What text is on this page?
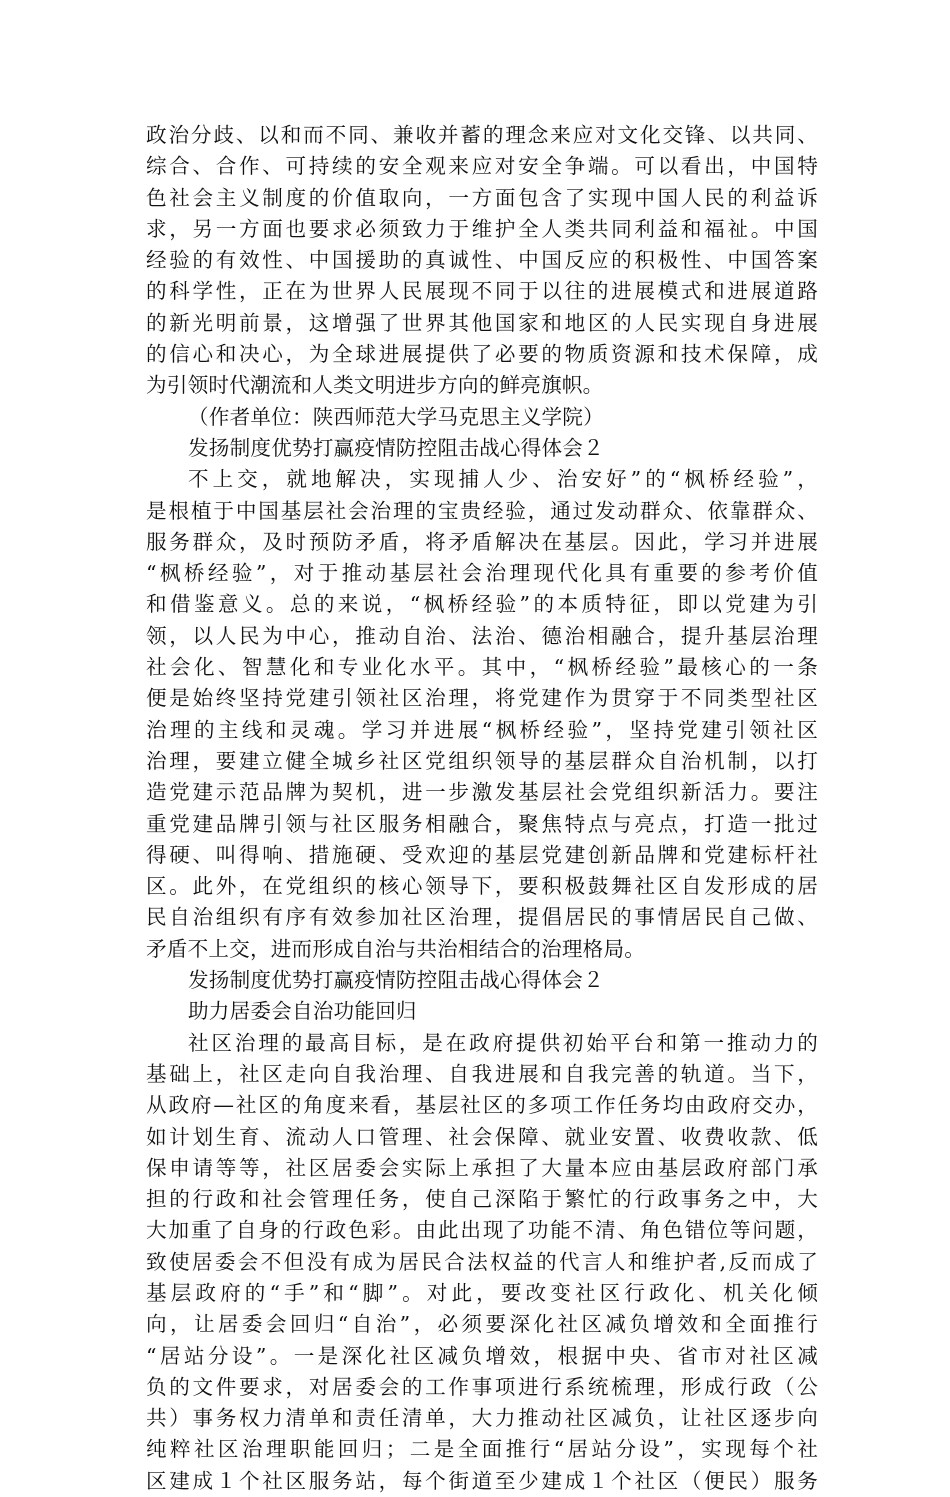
政治分歧、以和而不同、兼收并蓄的理念来应对文化交锋、以共同、
综合、合作、可持续的安全观来应对安全争端。可以看出，中国特
色社会主义制度的价值取向，一方面包含了实现中国人民的利益诉
求，另一方面也要求必须致力于维护全人类共同利益和福祉。中国
经验的有效性、中国援助的真诚性、中国反应的积极性、中国答案
的科学性，正在为世界人民展现不同于以往的进展模式和进展道路
的新光明前景，这增强了世界其他国家和地区的人民实现自身进展
的信心和决心，为全球进展提供了必要的物质资源和技术保障，成
为引领时代潮流和人类文明进步方向的鲜亮旗帜。
（作者单位：陕西师范大学马克思主义学院）
发扬制度优势打赢疫情防控阻击战心得体会２
不上交，就地解决，实现捕人少、治安好”的“枫桥经验”，
是根植于中国基层社会治理的宝贵经验，通过发动群众、依靠群众、
服务群众，及时预防矛盾，将矛盾解决在基层。因此，学习并进展
“枫桥经验”，对于推动基层社会治理现代化具有重要的参考价值
和借鉴意义。总的来说，“枫桥经验”的本质特征，即以党建为引
领，以人民为中心，推动自治、法治、德治相融合，提升基层治理
社会化、智慧化和专业化水平。其中，“枫桥经验”最核心的一条
便是始终坚持党建引领社区治理，将党建作为贯穿于不同类型社区
治理的主线和灵魂。学习并进展“枫桥经验”，坚持党建引领社区
治理，要建立健全城乡社区党组织领导的基层群众自治机制，以打
造党建示范品牌为契机，进一步激发基层社会党组织新活力。要注
重党建品牌引领与社区服务相融合，聚焦特点与亮点，打造一批过
得硬、叫得响、措施硬、受欢迎的基层党建创新品牌和党建标杆社
区。此外，在党组织的核心领导下，要积极鼓舞社区自发形成的居
民自治组织有序有效参加社区治理，提倡居民的事情居民自己做、
矛盾不上交，进而形成自治与共治相结合的治理格局。
发扬制度优势打赢疫情防控阻击战心得体会２
助力居委会自治功能回归
社区治理的最高目标，是在政府提供初始平台和第一推动力的
基础上，社区走向自我治理、自我进展和自我完善的轨道。当下，
从政府—社区的角度来看，基层社区的多项工作任务均由政府交办，
如计划生育、流动人口管理、社会保障、就业安置、收费收款、低
保申请等等，社区居委会实际上承担了大量本应由基层政府部门承
担的行政和社会管理任务，使自己深陷于繁忙的行政事务之中，大
大加重了自身的行政色彩。由此出现了功能不清、角色错位等问题，
致使居委会不但没有成为居民合法权益的代言人和维护者,反而成了
基层政府的“手”和“脚”。对此，要改变社区行政化、机关化倾
向，让居委会回归“自治”，必须要深化社区减负增效和全面推行
“居站分设”。一是深化社区减负增效，根据中央、省市对社区减
负的文件要求，对居委会的工作事项进行系统梳理，形成行政（公
共）事务权力清单和责任清单，大力推动社区减负，让社区逐步向
纯粹社区治理职能回归；二是全面推行“居站分设”，实现每个社
区建成１个社区服务站，每个街道至少建成１个社区（便民）服务
